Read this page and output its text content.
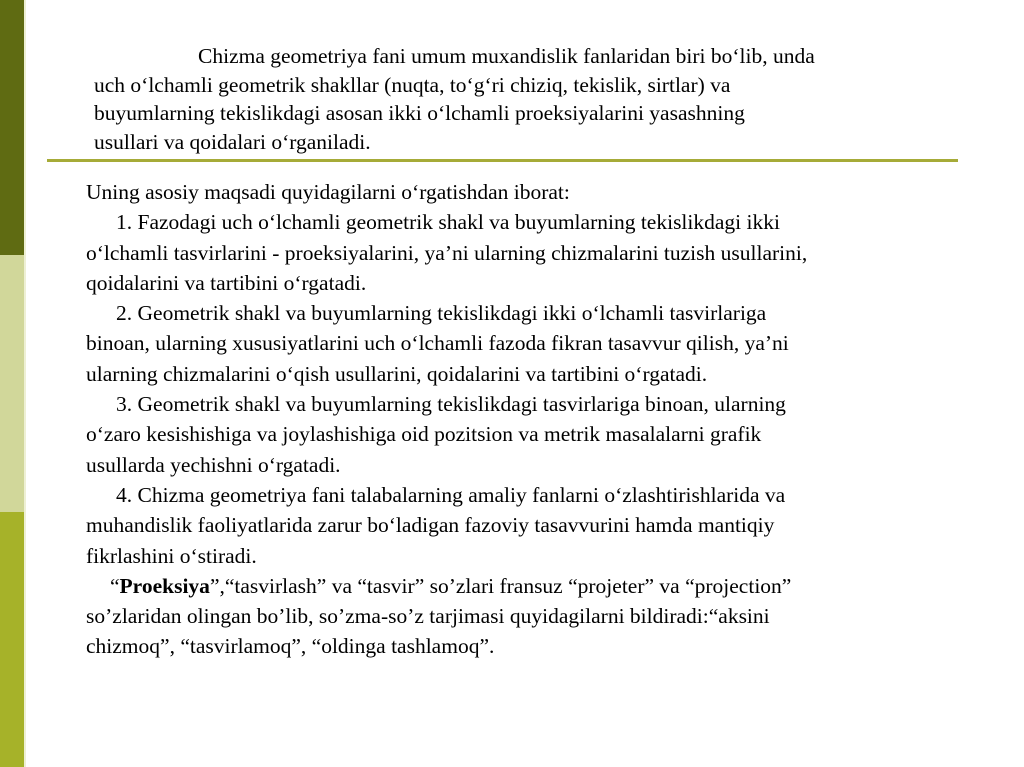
Chizma geometriya fani umum muxandislik fanlaridan biri bo‘lib, unda
uch o‘lchamli geometrik shakllar (nuqta, to‘g‘ri chiziq, tekislik, sirtlar) va
buyumlarning tekislikdagi asosan ikki o‘lchamli proeksiyalarini yasashning
usullari va qoidalari o‘rganiladi.

Uning asosiy maqsadi quyidagilarni o‘rgatishdan iborat:
1. Fazodagi uch o‘lchamli geometrik shakl va buyumlarning tekislikdagi ikki
o‘lchamli tasvirlarini - proeksiyalarini, ya’ni ularning chizmalarini tuzish usullarini,
qoidalarini va tartibini o‘rgatadi.
2. Geometrik shakl va buyumlarning tekislikdagi ikki o‘lchamli tasvirlariga
binoan, ularning xususiyatlarini uch o‘lchamli fazoda fikran tasavvur qilish, ya’ni
ularning chizmalarini o‘qish usullarini, qoidalarini va tartibini o‘rgatadi.
3. Geometrik shakl va buyumlarning tekislikdagi tasvirlariga binoan, ularning
o‘zaro kesishishiga va joylashishiga oid pozitsion va metrik masalalarni grafik
usullarda yechishni o‘rgatadi.
4. Chizma geometriya fani talabalarning amaliy fanlarni o‘zlashtirishlarida va
muhandislik faoliyatlarida zarur bo‘ladigan fazoviy tasavvurini hamda mantiqiy
fikrlashini o‘stiradi.
“Proeksiya”,“tasvirlash” va “tasvir” so’zlari fransuz “projeter” va “projection”
so’zlaridan olingan bo’lib, so’zma-so’z tarjimasi quyidagilarni bildiradi:“aksini
chizmoq”, “tasvirlamoq”, “oldinga tashlamoq”.
